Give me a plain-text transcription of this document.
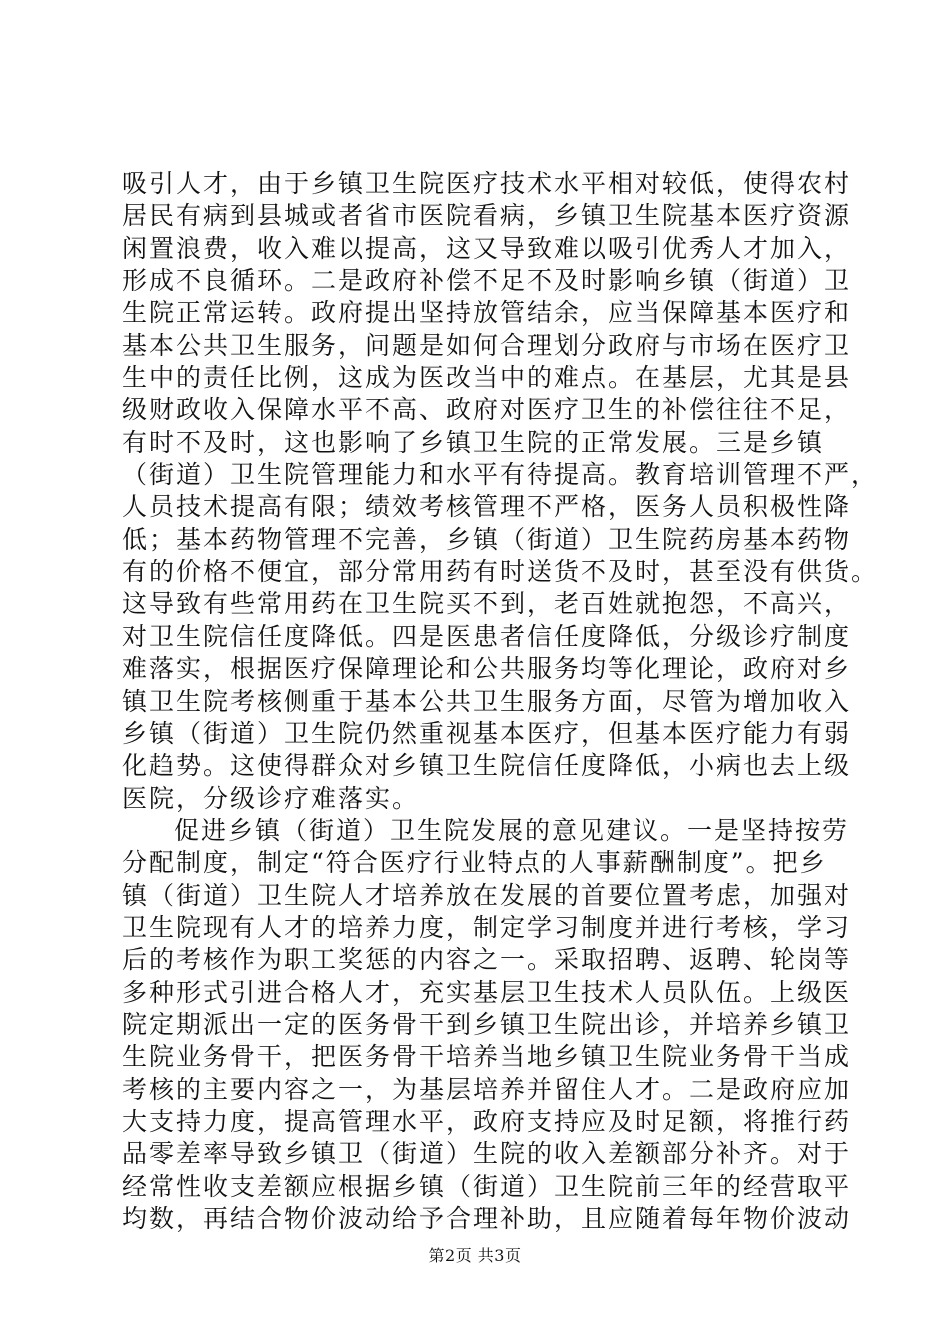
吸引人才，由于乡镇卫生院医疗技术水平相对较低，使得农村
居民有病到县城或者省市医院看病，乡镇卫生院基本医疗资源
闲置浪费，收入难以提高，这又导致难以吸引优秀人才加入，
形成不良循环。二是政府补偿不足不及时影响乡镇（街道）卫
生院正常运转。政府提出坚持放管结余，应当保障基本医疗和
基本公共卫生服务，问题是如何合理划分政府与市场在医疗卫
生中的责任比例，这成为医改当中的难点。在基层，尤其是县
级财政收入保障水平不高、政府对医疗卫生的补偿往往不足，
有时不及时，这也影响了乡镇卫生院的正常发展。三是乡镇
（街道）卫生院管理能力和水平有待提高。教育培训管理不严，
人员技术提高有限；绩效考核管理不严格，医务人员积极性降
低；基本药物管理不完善，乡镇（街道）卫生院药房基本药物
有的价格不便宜，部分常用药有时送货不及时，甚至没有供货。
这导致有些常用药在卫生院买不到，老百姓就抱怨，不高兴，
对卫生院信任度降低。四是医患者信任度降低，分级诊疗制度
难落实，根据医疗保障理论和公共服务均等化理论，政府对乡
镇卫生院考核侧重于基本公共卫生服务方面，尽管为增加收入
乡镇（街道）卫生院仍然重视基本医疗，但基本医疗能力有弱
化趋势。这使得群众对乡镇卫生院信任度降低，小病也去上级
医院，分级诊疗难落实。
促进乡镇（街道）卫生院发展的意见建议。一是坚持按劳
分配制度，制定“符合医疗行业特点的人事薪酬制度”。把乡
镇（街道）卫生院人才培养放在发展的首要位置考虑，加强对
卫生院现有人才的培养力度，制定学习制度并进行考核，学习
后的考核作为职工奖惩的内容之一。采取招聘、返聘、轮岗等
多种形式引进合格人才，充实基层卫生技术人员队伍。上级医
院定期派出一定的医务骨干到乡镇卫生院出诊，并培养乡镇卫
生院业务骨干，把医务骨干培养当地乡镇卫生院业务骨干当成
考核的主要内容之一，为基层培养并留住人才。二是政府应加
大支持力度，提高管理水平，政府支持应及时足额，将推行药
品零差率导致乡镇卫（街道）生院的收入差额部分补齐。对于
经常性收支差额应根据乡镇（街道）卫生院前三年的经营取平
均数，再结合物价波动给予合理补助，且应随着每年物价波动
第2页 共3页
